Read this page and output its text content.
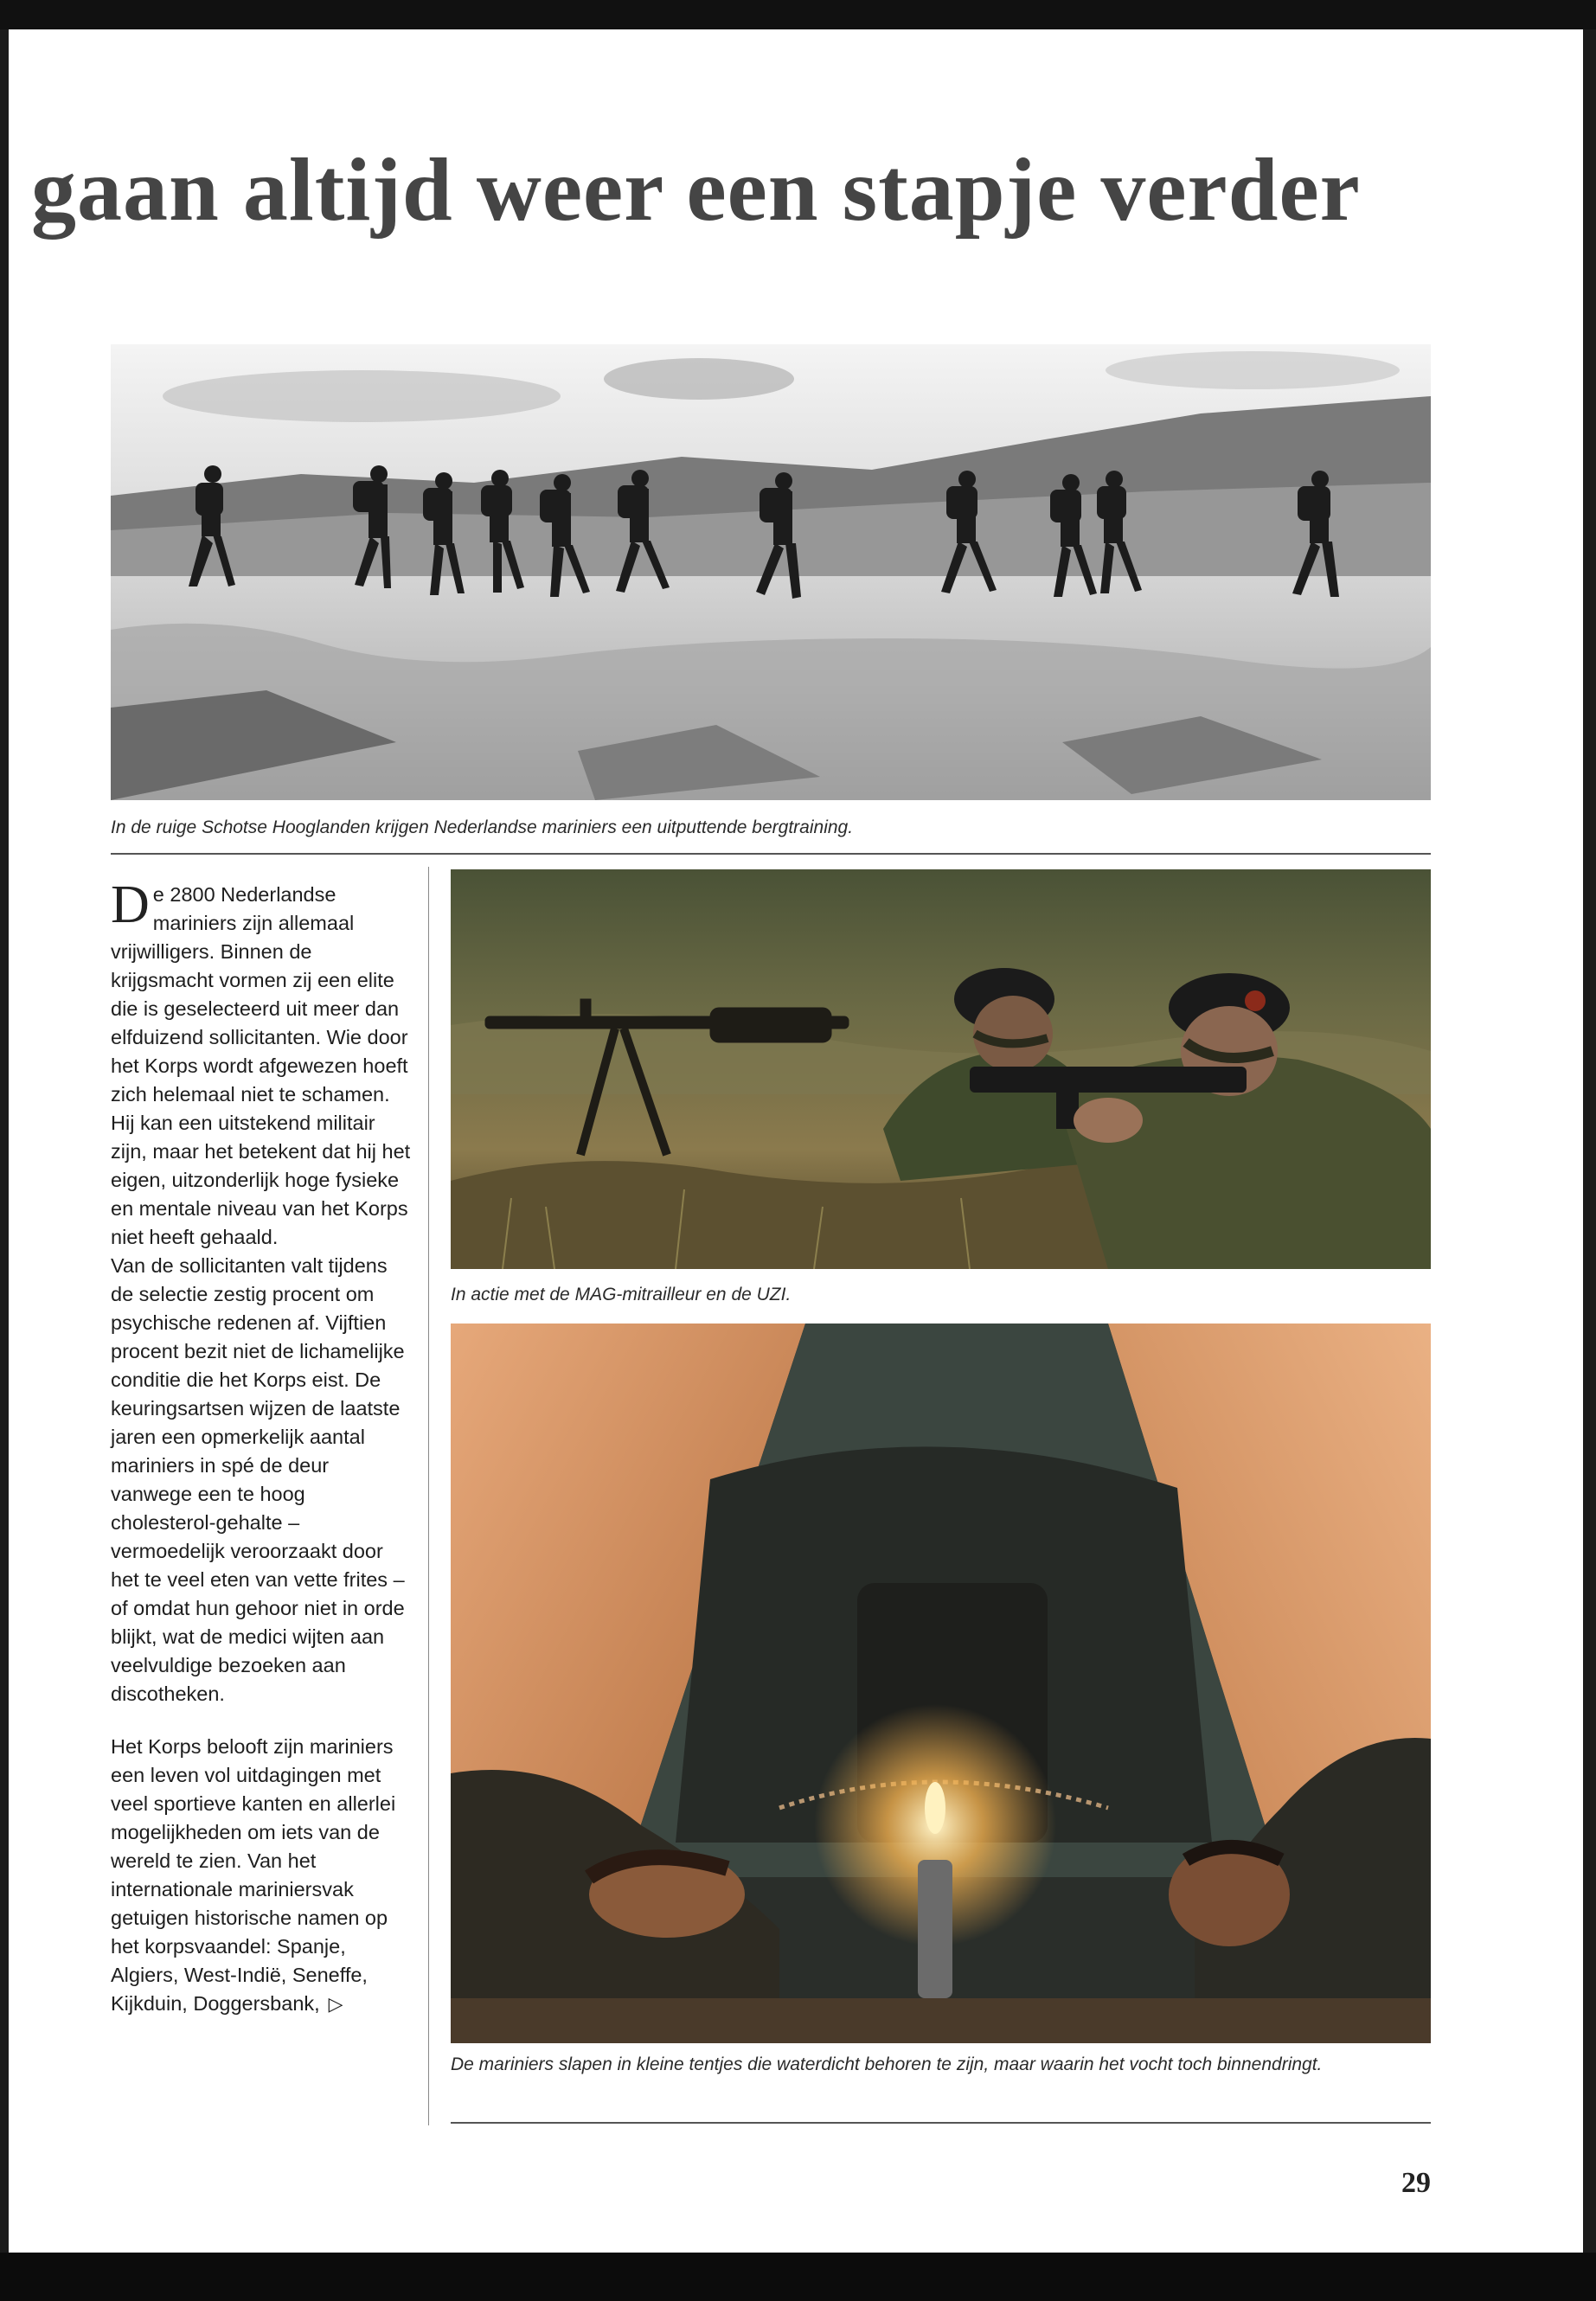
gaan altijd weer een stapje verder

In de ruige Schotse Hooglanden krijgen Nederlandse mariniers een uitputtende bergtraining.

In actie met de MAG-mitrailleur en de UZI.

De mariniers slapen in kleine tentjes die waterdicht behoren te zijn, maar waarin het vocht toch binnendringt.

De 2800 Nederlandse mariniers zijn allemaal vrijwilligers. Binnen de krijgsmacht vormen zij een elite die is geselecteerd uit meer dan elfduizend sollicitanten. Wie door het Korps wordt afgewezen hoeft zich helemaal niet te schamen. Hij kan een uitstekend militair zijn, maar het betekent dat hij het eigen, uitzonderlijk hoge fysieke en mentale niveau van het Korps niet heeft gehaald.
Van de sollicitanten valt tijdens de selectie zestig procent om psychische redenen af. Vijftien procent bezit niet de lichamelijke conditie die het Korps eist. De keuringsartsen wijzen de laatste jaren een opmerkelijk aantal mariniers in spé de deur vanwege een te hoog cholesterol-gehalte – vermoedelijk veroorzaakt door het te veel eten van vette frites – of omdat hun gehoor niet in orde blijkt, wat de medici wijten aan veelvuldige bezoeken aan discotheken.

Het Korps belooft zijn mariniers een leven vol uitdagingen met veel sportieve kanten en allerlei mogelijkheden om iets van de wereld te zien. Van het internationale mariniersvak getuigen historische namen op het korpsvaandel: Spanje, Algiers, West-Indië, Seneffe, Kijkduin, Doggersbank, ▷

29
